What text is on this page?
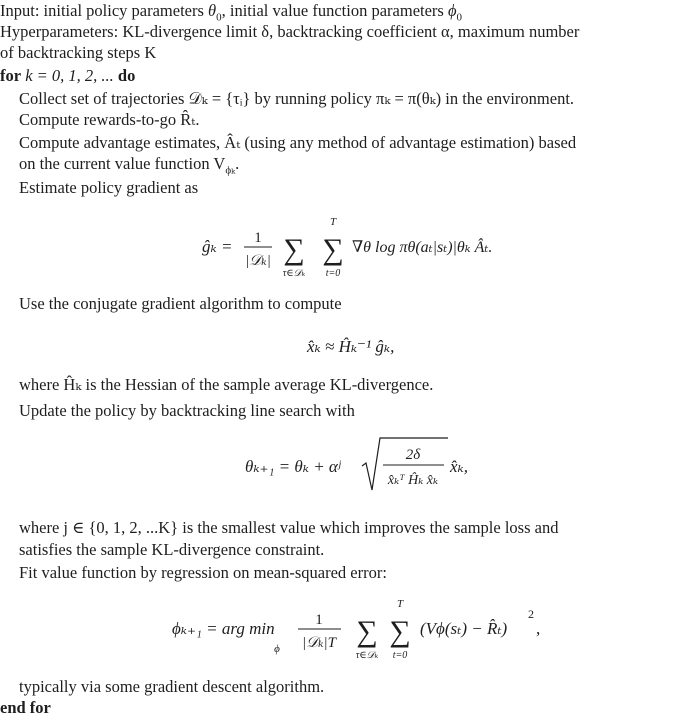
Input: initial policy parameters $\theta_0$, initial value function parameters $\phi_0$
Hyperparameters: KL-divergence limit δ, backtracking coefficient α, maximum number
of backtracking steps K
for k = 0, 1, 2, ... do
Collect set of trajectories 𝒟ₖ = {τᵢ} by running policy πₖ = π(θₖ) in the environment.
Compute rewards-to-go R̂ₜ.
Compute advantage estimates, Âₜ (using any method of advantage estimation) based
on the current value function $V_{\phi_k}$.
Estimate policy gradient as
ĝₖ = 1
|𝒟ₖ| ∑
τ∈𝒟ₖ
T
∑
t=0
∇θ log πθ(aₜ|sₜ)|θₖ Âₜ.
Use the conjugate gradient algorithm to compute
x̂ₖ ≈ Ĥₖ⁻¹ ĝₖ,
where Ĥₖ is the Hessian of the sample average KL-divergence.
Update the policy by backtracking line search with
θₖ₊₁ = θₖ + αʲ
2δ
x̂ₖᵀ Ĥₖ x̂ₖ
x̂ₖ,
where j ∈ {0, 1, 2, ...K} is the smallest value which improves the sample loss and
satisfies the sample KL-divergence constraint.
Fit value function by regression on mean-squared error:
ϕₖ₊₁ = arg min
ϕ
1
|𝒟ₖ|T ∑
τ∈𝒟ₖ
T
∑
t=0
(Vϕ(sₜ) − R̂ₜ)
2
,
typically via some gradient descent algorithm.
end for
